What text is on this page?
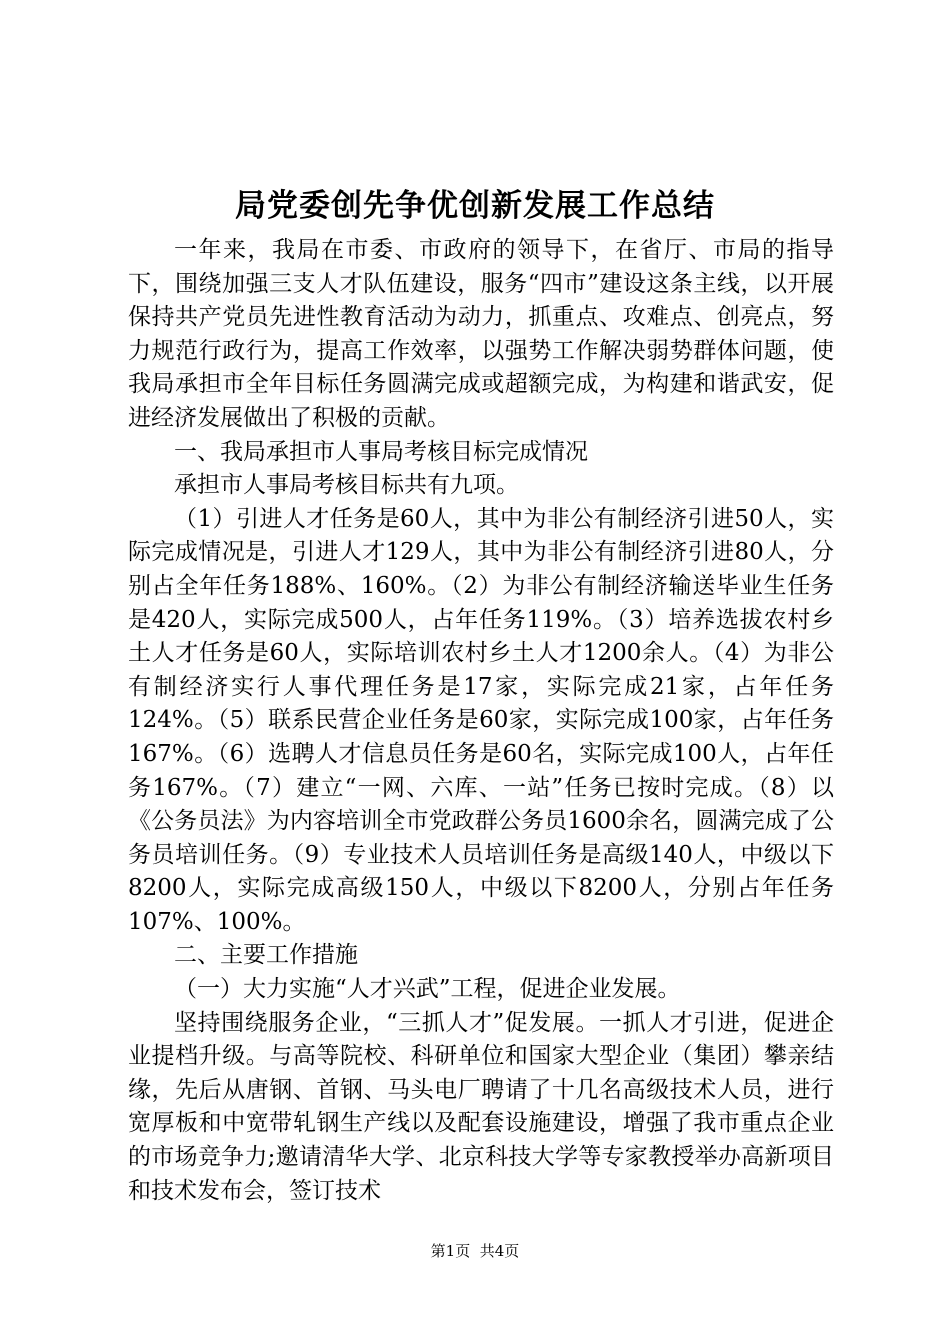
局党委创先争优创新发展工作总结

一年来，我局在市委、市政府的领导下，在省厅、市局的指导下，围绕加强三支人才队伍建设，服务“四市”建设这条主线，以开展保持共产党员先进性教育活动为动力，抓重点、攻难点、创亮点，努力规范行政行为，提高工作效率，以强势工作解决弱势群体问题，使我局承担市全年目标任务圆满完成或超额完成，为构建和谐武安，促进经济发展做出了积极的贡献。

一、我局承担市人事局考核目标完成情况

承担市人事局考核目标共有九项。

（1）引进人才任务是60人，其中为非公有制经济引进50人，实际完成情况是，引进人才129人，其中为非公有制经济引进80人，分别占全年任务188%、160%。（2）为非公有制经济输送毕业生任务是420人，实际完成500人，占年任务119%。（3）培养选拔农村乡土人才任务是60人，实际培训农村乡土人才1200余人。（4）为非公有制经济实行人事代理任务是17家，实际完成21家，占年任务124%。（5）联系民营企业任务是60家，实际完成100家，占年任务167%。（6）选聘人才信息员任务是60名，实际完成100人，占年任务167%。（7）建立“一网、六库、一站”任务已按时完成。（8）以《公务员法》为内容培训全市党政群公务员1600余名，圆满完成了公务员培训任务。（9）专业技术人员培训任务是高级140人，中级以下8200人，实际完成高级150人，中级以下8200人，分别占年任务107%、100%。

二、主要工作措施

（一）大力实施“人才兴武”工程，促进企业发展。

坚持围绕服务企业，“三抓人才”促发展。一抓人才引进，促进企业提档升级。与高等院校、科研单位和国家大型企业（集团）攀亲结缘，先后从唐钢、首钢、马头电厂聘请了十几名高级技术人员，进行宽厚板和中宽带轧钢生产线以及配套设施建设，增强了我市重点企业的市场竞争力;邀请清华大学、北京科技大学等专家教授举办高新项目和技术发布会，签订技术

第1页 共4页
